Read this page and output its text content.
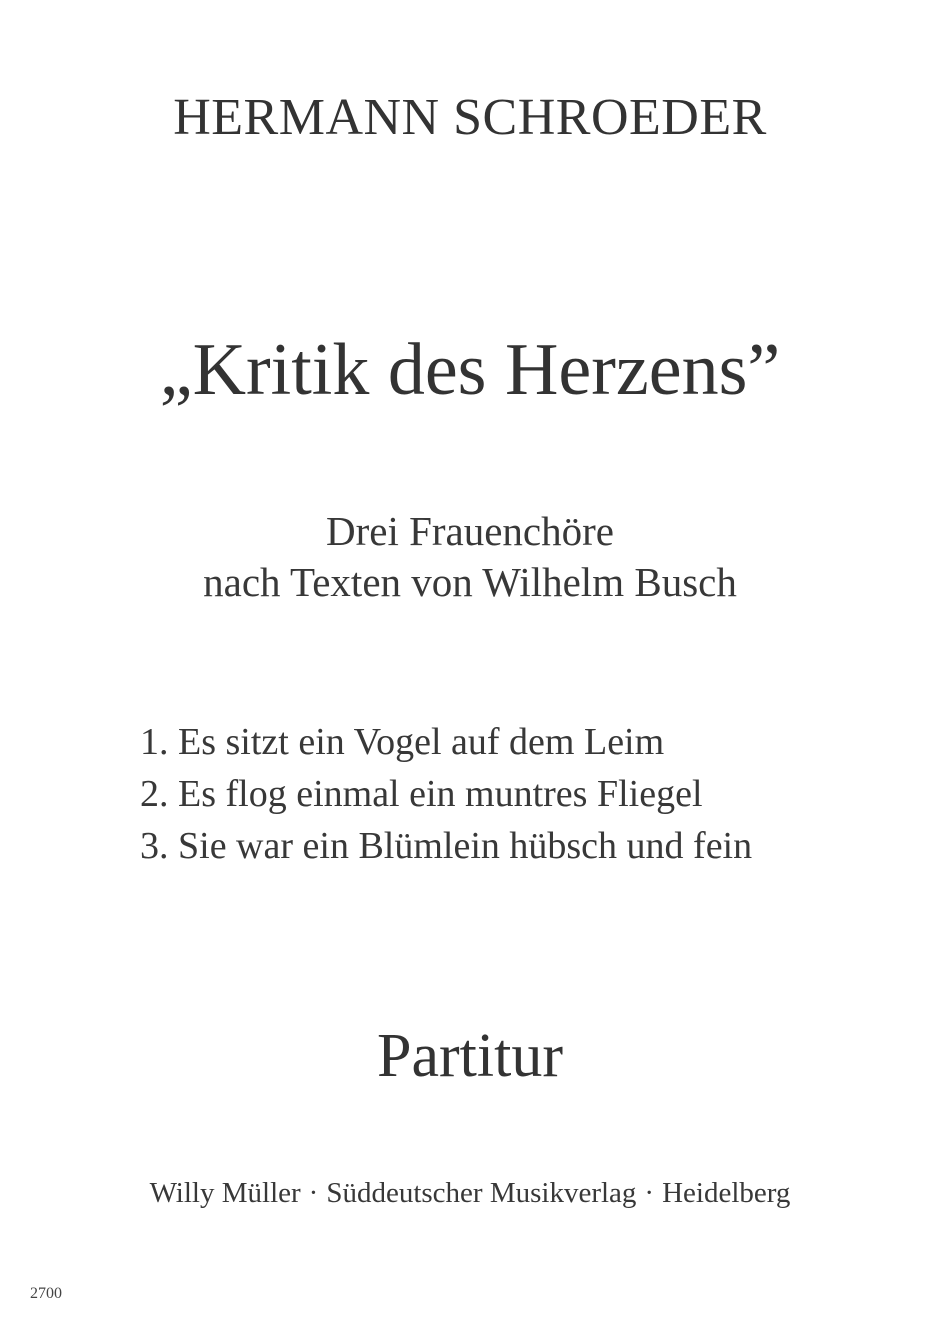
HERMANN SCHROEDER
„Kritik des Herzens”
Drei Frauenchöre
nach Texten von Wilhelm Busch
1. Es sitzt ein Vogel auf dem Leim
2. Es flog einmal ein muntres Fliegel
3. Sie war ein Blümlein hübsch und fein
Partitur
Willy Müller · Süddeutscher Musikverlag · Heidelberg
2700
